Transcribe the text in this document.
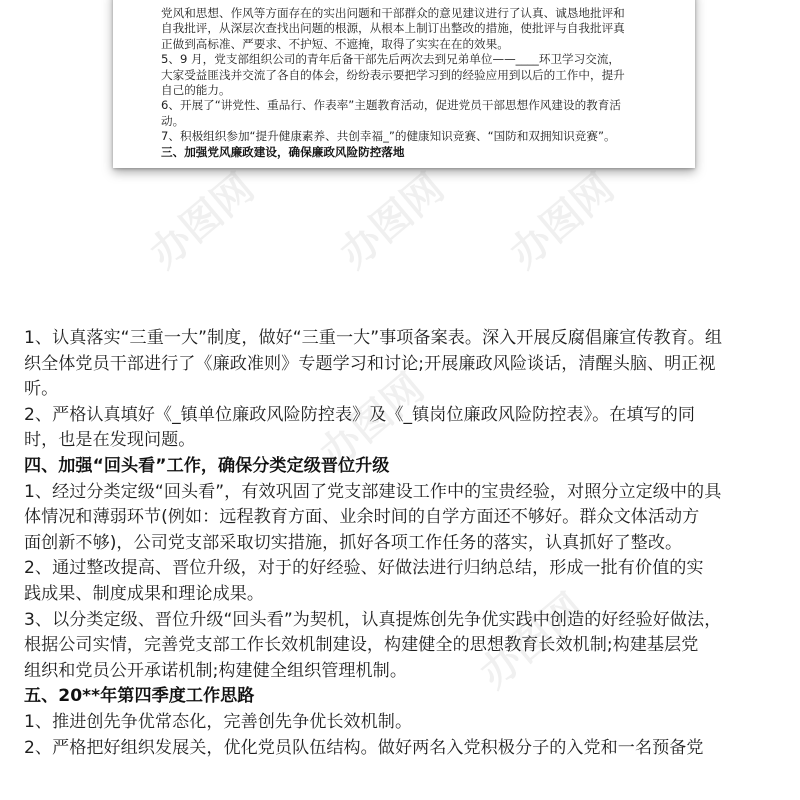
党风和思想、作风等方面存在的实出问题和干部群众的意见建议进行了认真、诚恳地批评和
自我批评，从深层次查找出问题的根源，从根本上制订出整改的措施，使批评与自我批评真
正做到高标准、严要求、不护短、不遮掩，取得了实实在在的效果。
5、9 月，党支部组织公司的青年后备干部先后两次去到兄弟单位——____环卫学习交流，
大家受益匪浅并交流了各自的体会，纷纷表示要把学习到的经验应用到以后的工作中，提升
自己的能力。
6、开展了“讲党性、重品行、作表率”主题教育活动，促进党员干部思想作风建设的教育活
动。
7、积极组织参加“提升健康素养、共创幸福_”的健康知识竞赛、“国防和双拥知识竞赛”。
三、加强党风廉政建设，确保廉政风险防控落地
办图网 办图网 办图网
办图网
办图网
1、认真落实“三重一大”制度，做好“三重一大”事项备案表。深入开展反腐倡廉宣传教育。组
织全体党员干部进行了《廉政准则》专题学习和讨论;开展廉政风险谈话，清醒头脑、明正视
听。
2、严格认真填好《_镇单位廉政风险防控表》及《_镇岗位廉政风险防控表》。在填写的同
时，也是在发现问题。
四、加强“回头看”工作，确保分类定级晋位升级
1、经过分类定级“回头看”，有效巩固了党支部建设工作中的宝贵经验，对照分立定级中的具
体情况和薄弱环节(例如：远程教育方面、业余时间的自学方面还不够好。群众文体活动方
面创新不够)，公司党支部采取切实措施，抓好各项工作任务的落实，认真抓好了整改。
2、通过整改提高、晋位升级，对于的好经验、好做法进行归纳总结，形成一批有价值的实
践成果、制度成果和理论成果。
3、以分类定级、晋位升级“回头看”为契机，认真提炼创先争优实践中创造的好经验好做法，
根据公司实情，完善党支部工作长效机制建设，构建健全的思想教育长效机制;构建基层党
组织和党员公开承诺机制;构建健全组织管理机制。
五、20**年第四季度工作思路
1、推进创先争优常态化，完善创先争优长效机制。
2、严格把好组织发展关，优化党员队伍结构。做好两名入党积极分子的入党和一名预备党
